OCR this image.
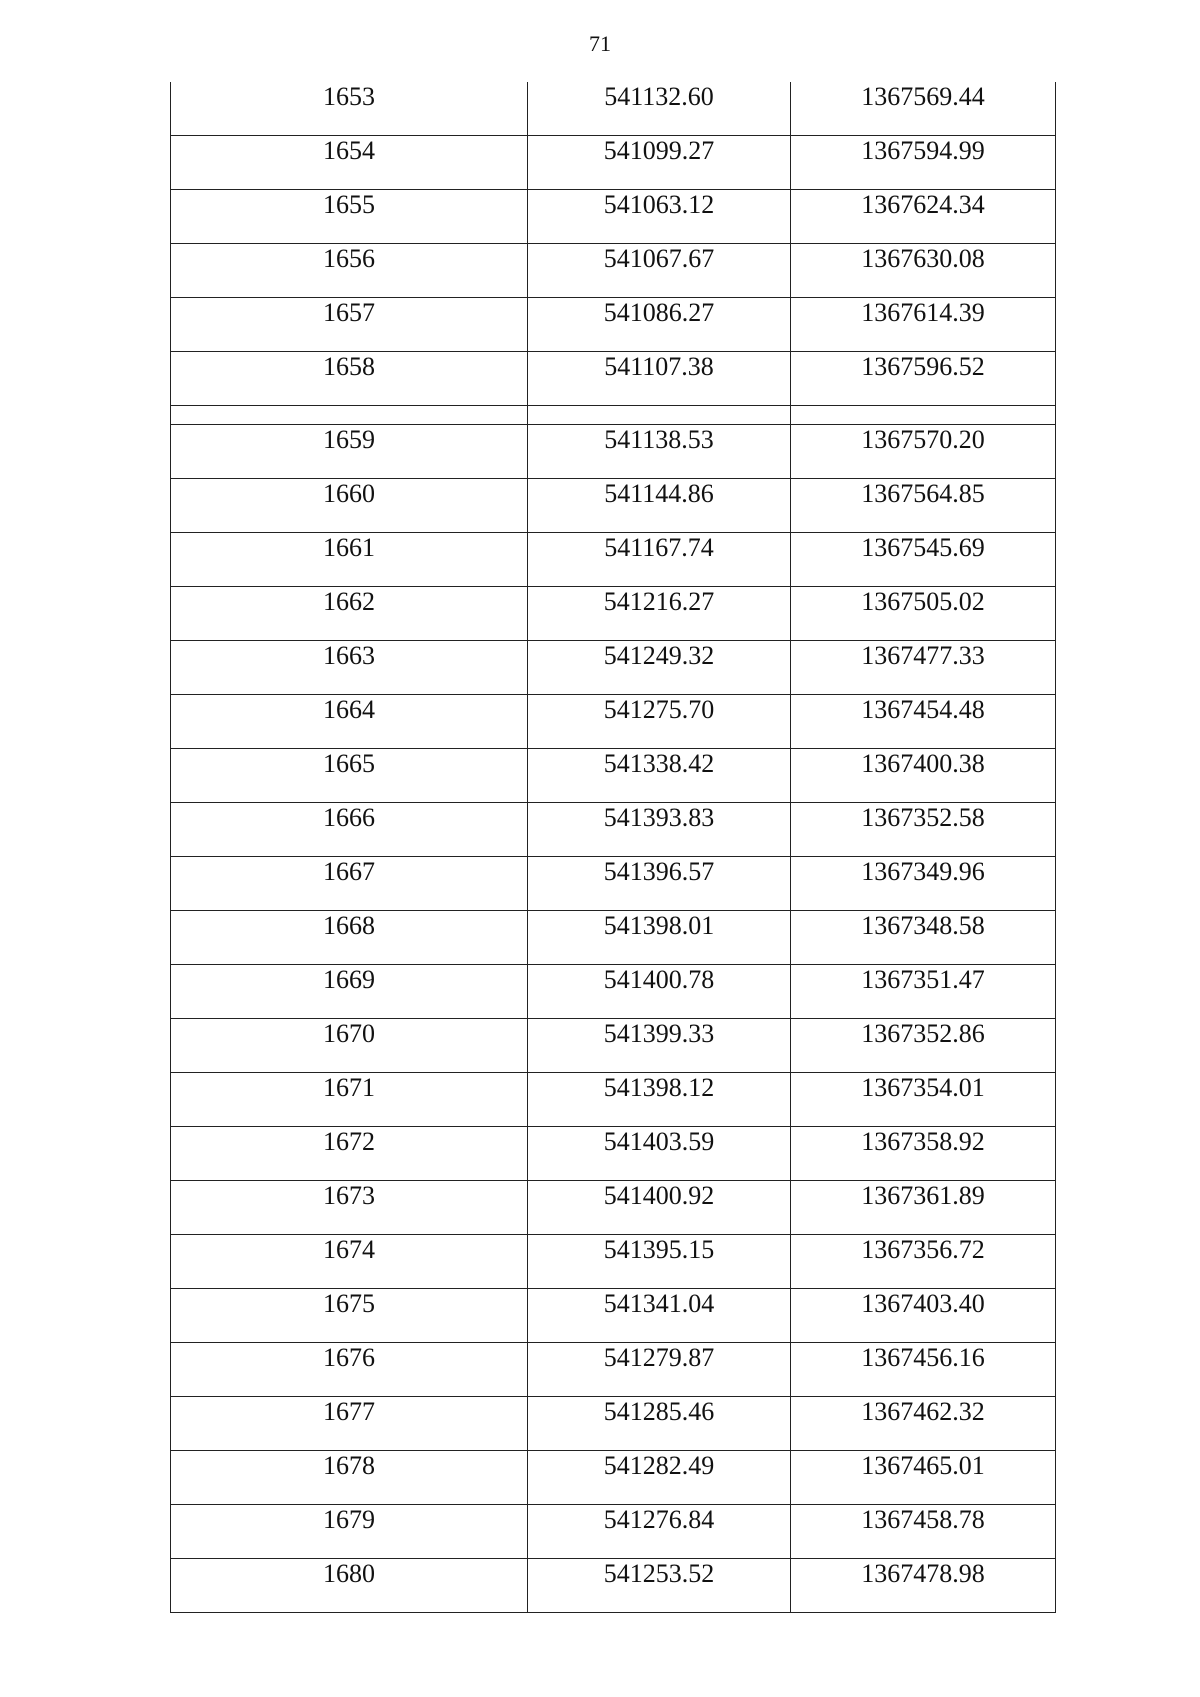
71
1653	541132.60	1367569.44

1654	541099.27	1367594.99

1655	541063.12	1367624.34

1656	541067.67	1367630.08

1657	541086.27	1367614.39

1658	541107.38	1367596.52

1659	541138.53	1367570.20

1660	541144.86	1367564.85

1661	541167.74	1367545.69

1662	541216.27	1367505.02

1663	541249.32	1367477.33

1664	541275.70	1367454.48

1665	541338.42	1367400.38

1666	541393.83	1367352.58

1667	541396.57	1367349.96

1668	541398.01	1367348.58

1669	541400.78	1367351.47

1670	541399.33	1367352.86

1671	541398.12	1367354.01

1672	541403.59	1367358.92

1673	541400.92	1367361.89

1674	541395.15	1367356.72

1675	541341.04	1367403.40

1676	541279.87	1367456.16

1677	541285.46	1367462.32

1678	541282.49	1367465.01

1679	541276.84	1367458.78

1680	541253.52	1367478.98
